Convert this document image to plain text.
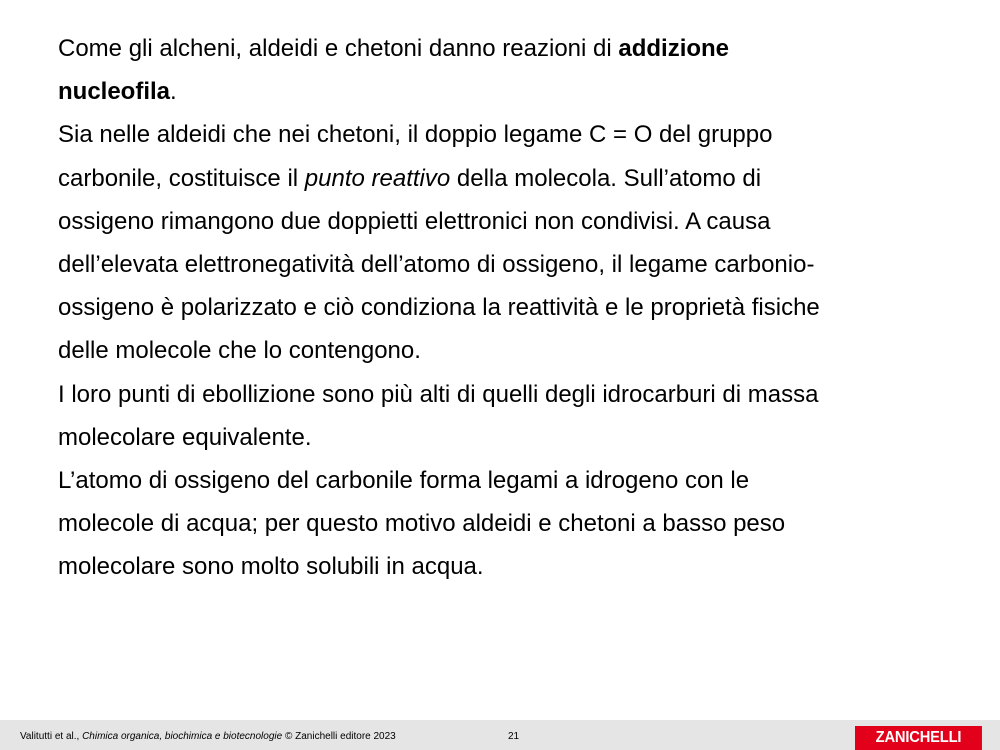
Come gli alcheni, aldeidi e chetoni danno reazioni di addizione
nucleofila.
Sia nelle aldeidi che nei chetoni, il doppio legame C = O del gruppo
carbonile, costituisce il punto reattivo della molecola. Sull’atomo di
ossigeno rimangono due doppietti elettronici non condivisi. A causa
dell’elevata elettronegatività dell’atomo di ossigeno, il legame carbonio-
ossigeno è polarizzato e ciò condiziona la reattività e le proprietà fisiche
delle molecole che lo contengono.
I loro punti di ebollizione sono più alti di quelli degli idrocarburi di massa
molecolare equivalente.
L’atomo di ossigeno del carbonile forma legami a idrogeno con le
molecole di acqua; per questo motivo aldeidi e chetoni a basso peso
molecolare sono molto solubili in acqua.
Valitutti et al., Chimica organica, biochimica e biotecnologie © Zanichelli editore 2023	21	ZANICHELLI
